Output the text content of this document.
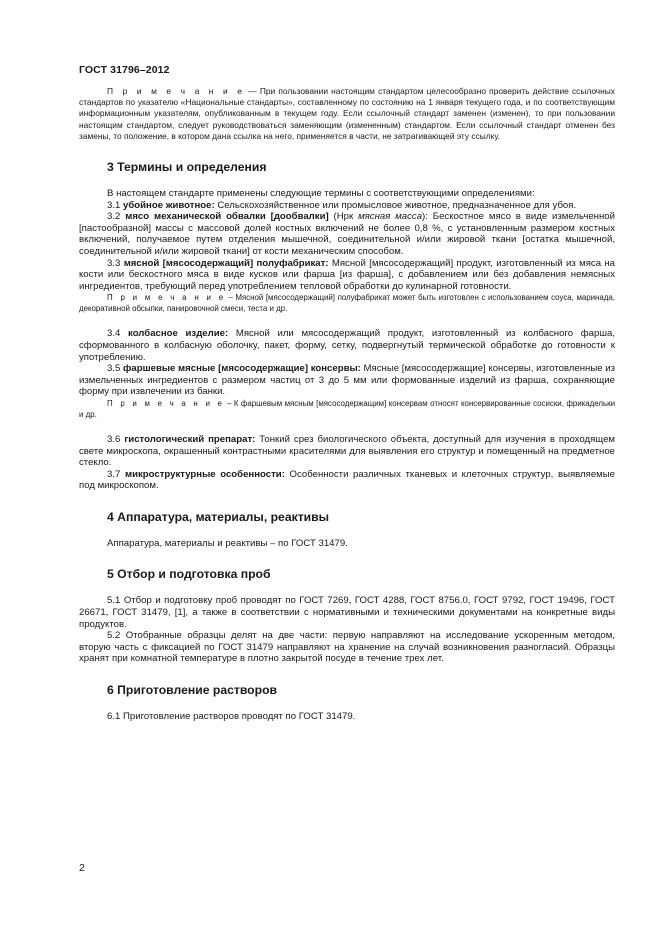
ГОСТ 31796–2012

П р и м е ч а н и е — При пользовании настоящим стандартом целесообразно проверить действие ссылочных стандартов по указателю «Национальные стандарты», составленному по состоянию на 1 января текущего года, и по соответствующим информационным указателям, опубликованным в текущем году. Если ссылочный стандарт заменен (изменен), то при пользовании настоящим стандартом, следует руководствоваться заменяющим (измененным) стандартом. Если ссылочный стандарт отменен без замены, то положение, в котором дана ссылка на него, применяется в части, не затрагивающей эту ссылку.

3 Термины и определения

В настоящем стандарте применены следующие термины с соответствующими определениями:

3.1 убойное животное: Сельскохозяйственное или промысловое животное, предназначенное для убоя.

3.2 мясо механической обвалки [дообвалки] (Нрк мясная масса): Бескостное мясо в виде измельченной [пастообразной] массы с массовой долей костных включений не более 0,8 %, с установленным размером костных включений, получаемое путем отделения мышечной, соединительной и/или жировой ткани [остатка мышечной, соединительной и/или жировой ткани] от кости механическим способом.

3.3 мясной [мясосодержащий] полуфабрикат: Мясной [мясосодержащий] продукт, изготовленный из мяса на кости или бескостного мяса в виде кусков или фарша [из фарша], с добавлением или без добавления немясных ингредиентов, требующий перед употреблением тепловой обработки до кулинарной готовности.

П р и м е ч а н и е – Мясной [мясосодержащий] полуфабрикат может быть изготовлен с использованием соуса, маринада, декоративной обсыпки, панировочной смеси, теста и др.

3.4 колбасное изделие: Мясной или мясосодержащий продукт, изготовленный из колбасного фарша, сформованного в колбасную оболочку, пакет, форму, сетку, подвергнутый термической обработке до готовности к употреблению.

3.5 фаршевые мясные [мясосодержащие] консервы: Мясные [мясосодержащие] консервы, изготовленные из измельченных ингредиентов с размером частиц от 3 до 5 мм или формованные изделий из фарша, сохраняющие форму при извлечении из банки.

П р и м е ч а н и е – К фаршевым мясным [мясосодержащим] консервам относят консервированные сосиски, фрикадельки и др.

3.6 гистологический препарат: Тонкий срез биологического объекта, доступный для изучения в проходящем свете микроскопа, окрашенный контрастными красителями для выявления его структур и помещенный на предметное стекло.

3.7 микроструктурные особенности: Особенности различных тканевых и клеточных структур, выявляемые под микроскопом.

4 Аппаратура, материалы, реактивы

Аппаратура, материалы и реактивы – по ГОСТ 31479.

5 Отбор и подготовка проб

5.1 Отбор и подготовку проб проводят по ГОСТ 7269, ГОСТ 4288, ГОСТ 8756.0, ГОСТ 9792, ГОСТ 19496, ГОСТ 26671, ГОСТ 31479, [1], а также в соответствии с нормативными и техническими документами на конкретные виды продуктов.

5.2 Отобранные образцы делят на две части: первую направляют на исследование ускоренным методом, вторую часть с фиксацией по ГОСТ 31479 направляют на хранение на случай возникновения разногласий. Образцы хранят при комнатной температуре в плотно закрытой посуде в течение трех лет.

6 Приготовление растворов

6.1 Приготовление растворов проводят по ГОСТ 31479.

2
